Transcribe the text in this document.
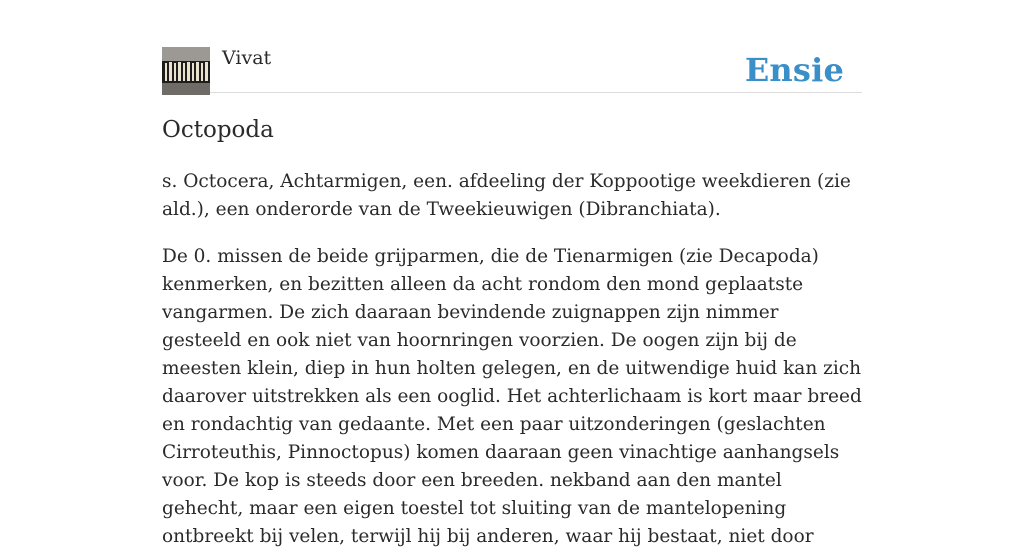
Vivat	Ensie
Octopoda

s. Octocera, Achtarmigen, een. afdeeling der Koppootige weekdieren (zie ald.), een onderorde van de Tweekieuwigen (Dibranchiata).

De 0. missen de beide grijparmen, die de Tienarmigen (zie Decapoda) kenmerken, en bezitten alleen da acht rondom den mond geplaatste vangarmen. De zich daaraan bevindende zuignappen zijn nimmer gesteeld en ook niet van hoornringen voorzien. De oogen zijn bij de meesten klein, diep in hun holten gelegen, en de uitwendige huid kan zich daarover uitstrekken als een ooglid. Het achterlichaam is kort maar breed en rondachtig van gedaante. Met een paar uitzonderingen (geslachten Cirroteuthis, Pinnoctopus) komen daaraan geen vinachtige aanhangsels voor. De kop is steeds door een breeden. nekband aan den mantel gehecht, maar een eigen toestel tot sluiting van de mantelopening ontbreekt bij velen, terwijl hij bij anderen, waar hij bestaat, niet door
